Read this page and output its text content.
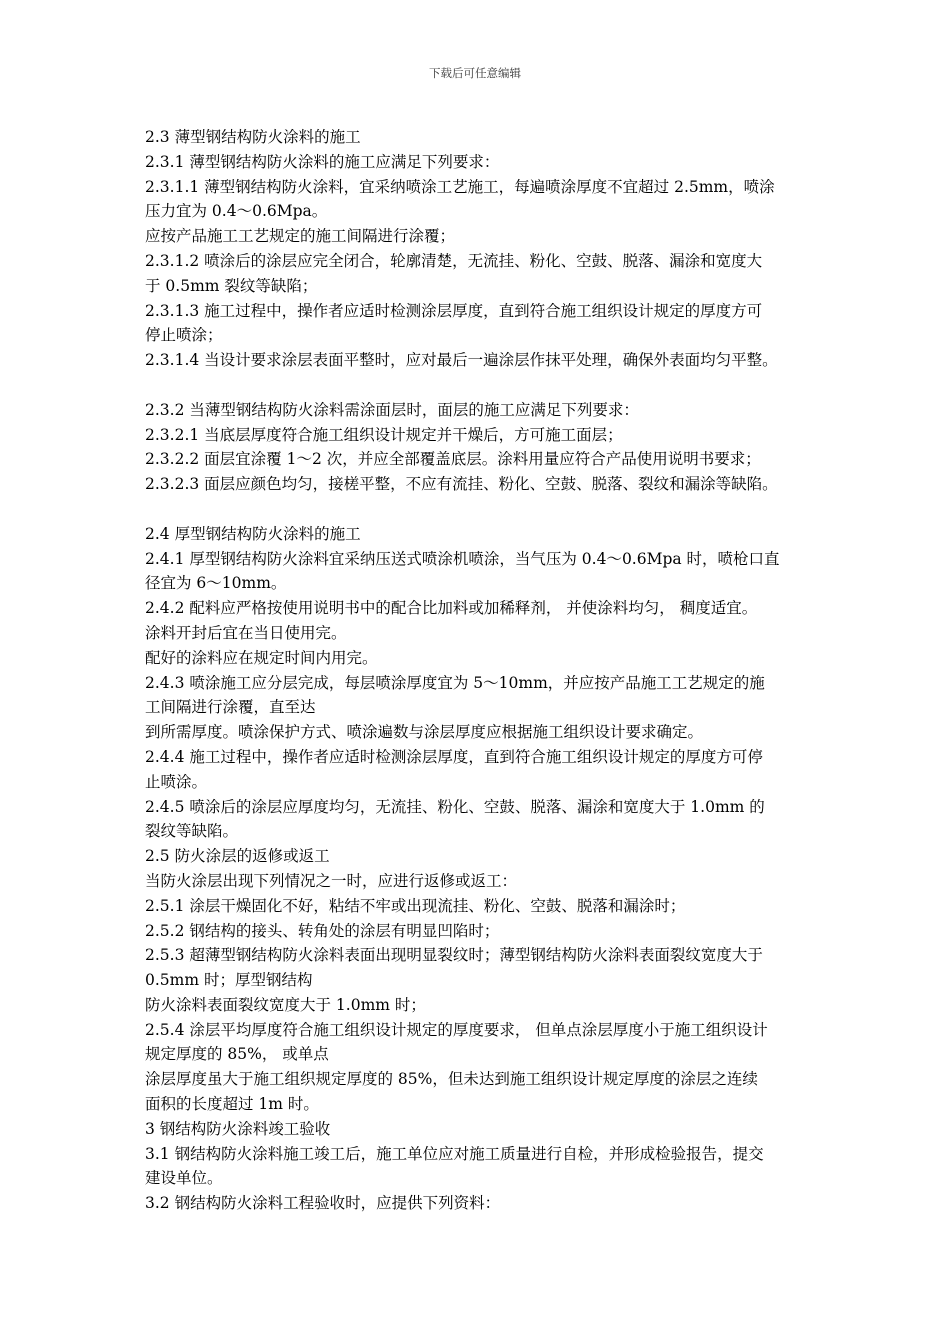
下载后可任意编辑
2.3 薄型钢结构防火涂料的施工
2.3.1 薄型钢结构防火涂料的施工应满足下列要求：
2.3.1.1 薄型钢结构防火涂料，宜采纳喷涂工艺施工，每遍喷涂厚度不宜超过 2.5mm，喷涂
压力宜为 0.4～0.6Mpa。
应按产品施工工艺规定的施工间隔进行涂覆；
2.3.1.2 喷涂后的涂层应完全闭合，轮廓清楚，无流挂、粉化、空鼓、脱落、漏涂和宽度大
于 0.5mm 裂纹等缺陷；
2.3.1.3 施工过程中，操作者应适时检测涂层厚度，直到符合施工组织设计规定的厚度方可
停止喷涂；
2.3.1.4 当设计要求涂层表面平整时，应对最后一遍涂层作抹平处理，确保外表面均匀平整。
2.3.2 当薄型钢结构防火涂料需涂面层时，面层的施工应满足下列要求：
2.3.2.1 当底层厚度符合施工组织设计规定并干燥后，方可施工面层；
2.3.2.2 面层宜涂覆 1～2 次，并应全部覆盖底层。涂料用量应符合产品使用说明书要求；
2.3.2.3 面层应颜色均匀，接槎平整，不应有流挂、粉化、空鼓、脱落、裂纹和漏涂等缺陷。
2.4 厚型钢结构防火涂料的施工
2.4.1 厚型钢结构防火涂料宜采纳压送式喷涂机喷涂，当气压为 0.4～0.6Mpa 时，喷枪口直
径宜为 6～10mm。
2.4.2 配料应严格按使用说明书中的配合比加料或加稀释剂， 并使涂料均匀， 稠度适宜。
涂料开封后宜在当日使用完。
配好的涂料应在规定时间内用完。
2.4.3 喷涂施工应分层完成，每层喷涂厚度宜为 5～10mm，并应按产品施工工艺规定的施
工间隔进行涂覆，直至达
到所需厚度。喷涂保护方式、喷涂遍数与涂层厚度应根据施工组织设计要求确定。
2.4.4 施工过程中，操作者应适时检测涂层厚度，直到符合施工组织设计规定的厚度方可停
止喷涂。
2.4.5 喷涂后的涂层应厚度均匀，无流挂、粉化、空鼓、脱落、漏涂和宽度大于 1.0mm 的
裂纹等缺陷。
2.5 防火涂层的返修或返工
当防火涂层出现下列情况之一时，应进行返修或返工：
2.5.1 涂层干燥固化不好，粘结不牢或出现流挂、粉化、空鼓、脱落和漏涂时；
2.5.2 钢结构的接头、转角处的涂层有明显凹陷时；
2.5.3 超薄型钢结构防火涂料表面出现明显裂纹时；薄型钢结构防火涂料表面裂纹宽度大于
0.5mm 时；厚型钢结构
防火涂料表面裂纹宽度大于 1.0mm 时；
2.5.4 涂层平均厚度符合施工组织设计规定的厚度要求， 但单点涂层厚度小于施工组织设计
规定厚度的 85%， 或单点
涂层厚度虽大于施工组织规定厚度的 85%，但未达到施工组织设计规定厚度的涂层之连续
面积的长度超过 1m 时。
3 钢结构防火涂料竣工验收
3.1 钢结构防火涂料施工竣工后，施工单位应对施工质量进行自检，并形成检验报告，提交
建设单位。
3.2 钢结构防火涂料工程验收时，应提供下列资料：
